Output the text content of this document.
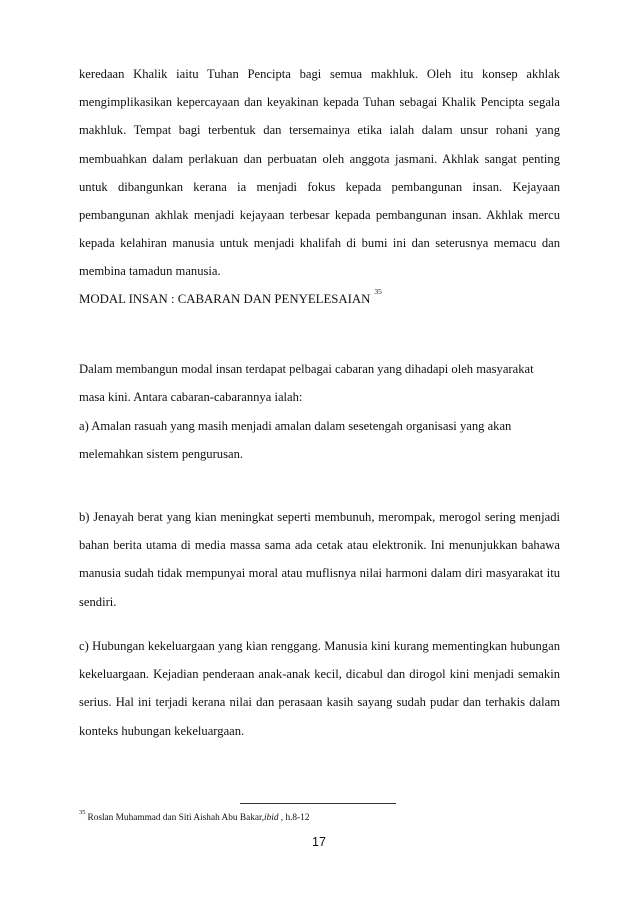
keredaan Khalik iaitu Tuhan Pencipta bagi semua makhluk. Oleh itu konsep akhlak mengimplikasikan kepercayaan dan keyakinan kepada Tuhan sebagai Khalik Pencipta segala makhluk. Tempat bagi terbentuk dan tersemainya etika ialah dalam unsur rohani yang membuahkan dalam perlakuan dan perbuatan oleh anggota jasmani. Akhlak sangat penting untuk dibangunkan kerana ia menjadi fokus kepada pembangunan insan. Kejayaan pembangunan akhlak menjadi kejayaan terbesar kepada pembangunan insan. Akhlak mercu kepada kelahiran manusia untuk menjadi khalifah di bumi ini dan seterusnya memacu dan membina tamadun manusia.

MODAL INSAN : CABARAN DAN PENYELESAIAN$^{35}$

Dalam membangun modal insan terdapat pelbagai cabaran yang dihadapi oleh masyarakat masa kini. Antara cabaran-cabarannya ialah:

a) Amalan rasuah yang masih menjadi amalan dalam sesetengah organisasi yang akan melemahkan sistem pengurusan.

b) Jenayah berat yang kian meningkat seperti membunuh, merompak, merogol sering menjadi bahan berita utama di media massa sama ada cetak atau elektronik. Ini menunjukkan bahawa manusia sudah tidak mempunyai moral atau muflisnya nilai harmoni dalam diri masyarakat itu sendiri.

c) Hubungan kekeluargaan yang kian renggang. Manusia kini kurang mementingkan hubungan kekeluargaan. Kejadian penderaan anak-anak kecil, dicabul dan dirogol kini menjadi semakin serius. Hal ini terjadi kerana nilai dan perasaan kasih sayang sudah pudar dan terhakis dalam konteks hubungan kekeluargaan.

$^{35}$Roslan Muhammad dan Siti Aishah Abu Bakar,ibid , h.8-12

17
